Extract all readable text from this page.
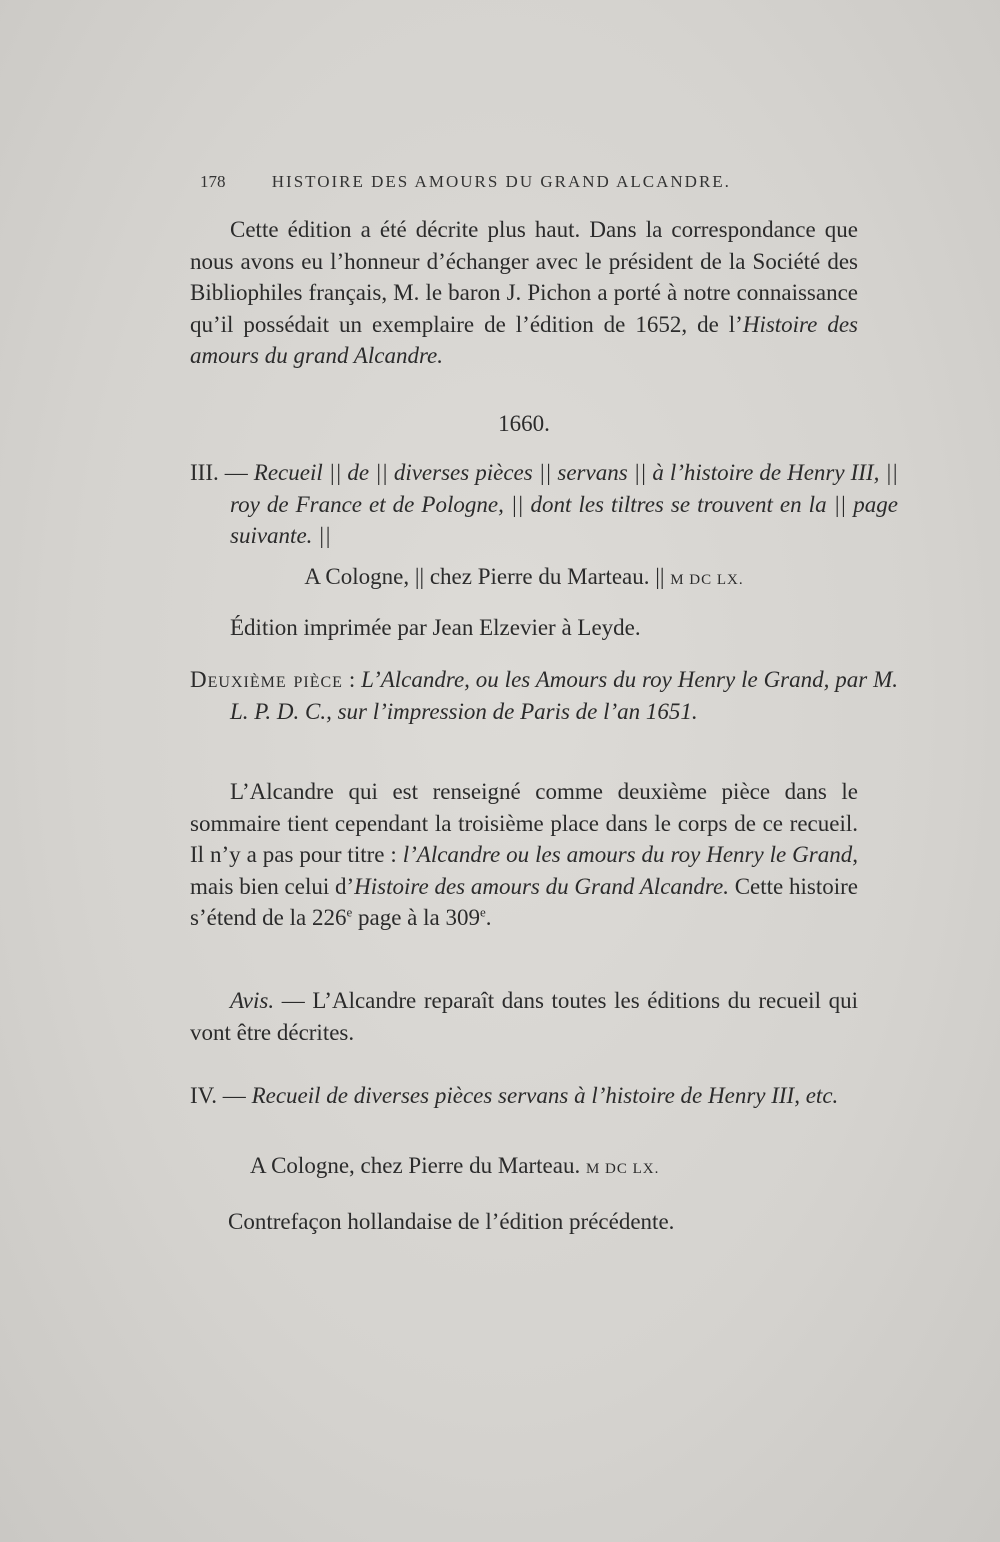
178	HISTOIRE DES AMOURS DU GRAND ALCANDRE.
Cette édition a été décrite plus haut. Dans la correspondance que nous avons eu l’honneur d’échanger avec le président de la Société des Bibliophiles français, M. le baron J. Pichon a porté à notre connaissance qu’il possédait un exemplaire de l’édition de 1652, de l’Histoire des amours du grand Alcandre.
1660.
III. — Recueil || de || diverses pièces || servans || à l’histoire de Henry III, || roy de France et de Pologne, || dont les tiltres se trouvent en la || page suivante. ||
A Cologne, || chez Pierre du Marteau. || M DC LX.
Édition imprimée par Jean Elzevier à Leyde.
Deuxième pièce : L’Alcandre, ou les Amours du roy Henry le Grand, par M. L. P. D. C., sur l’impression de Paris de l’an 1651.
L’Alcandre qui est renseigné comme deuxième pièce dans le sommaire tient cependant la troisième place dans le corps de ce recueil. Il n’y a pas pour titre : l’Alcandre ou les amours du roy Henry le Grand, mais bien celui d’Histoire des amours du Grand Alcandre. Cette histoire s’étend de la 226e page à la 309e.
Avis. — L’Alcandre reparaît dans toutes les éditions du recueil qui vont être décrites.
IV. — Recueil de diverses pièces servans à l’histoire de Henry III, etc.
A Cologne, chez Pierre du Marteau. M DC LX.
Contrefaçon hollandaise de l’édition précédente.
